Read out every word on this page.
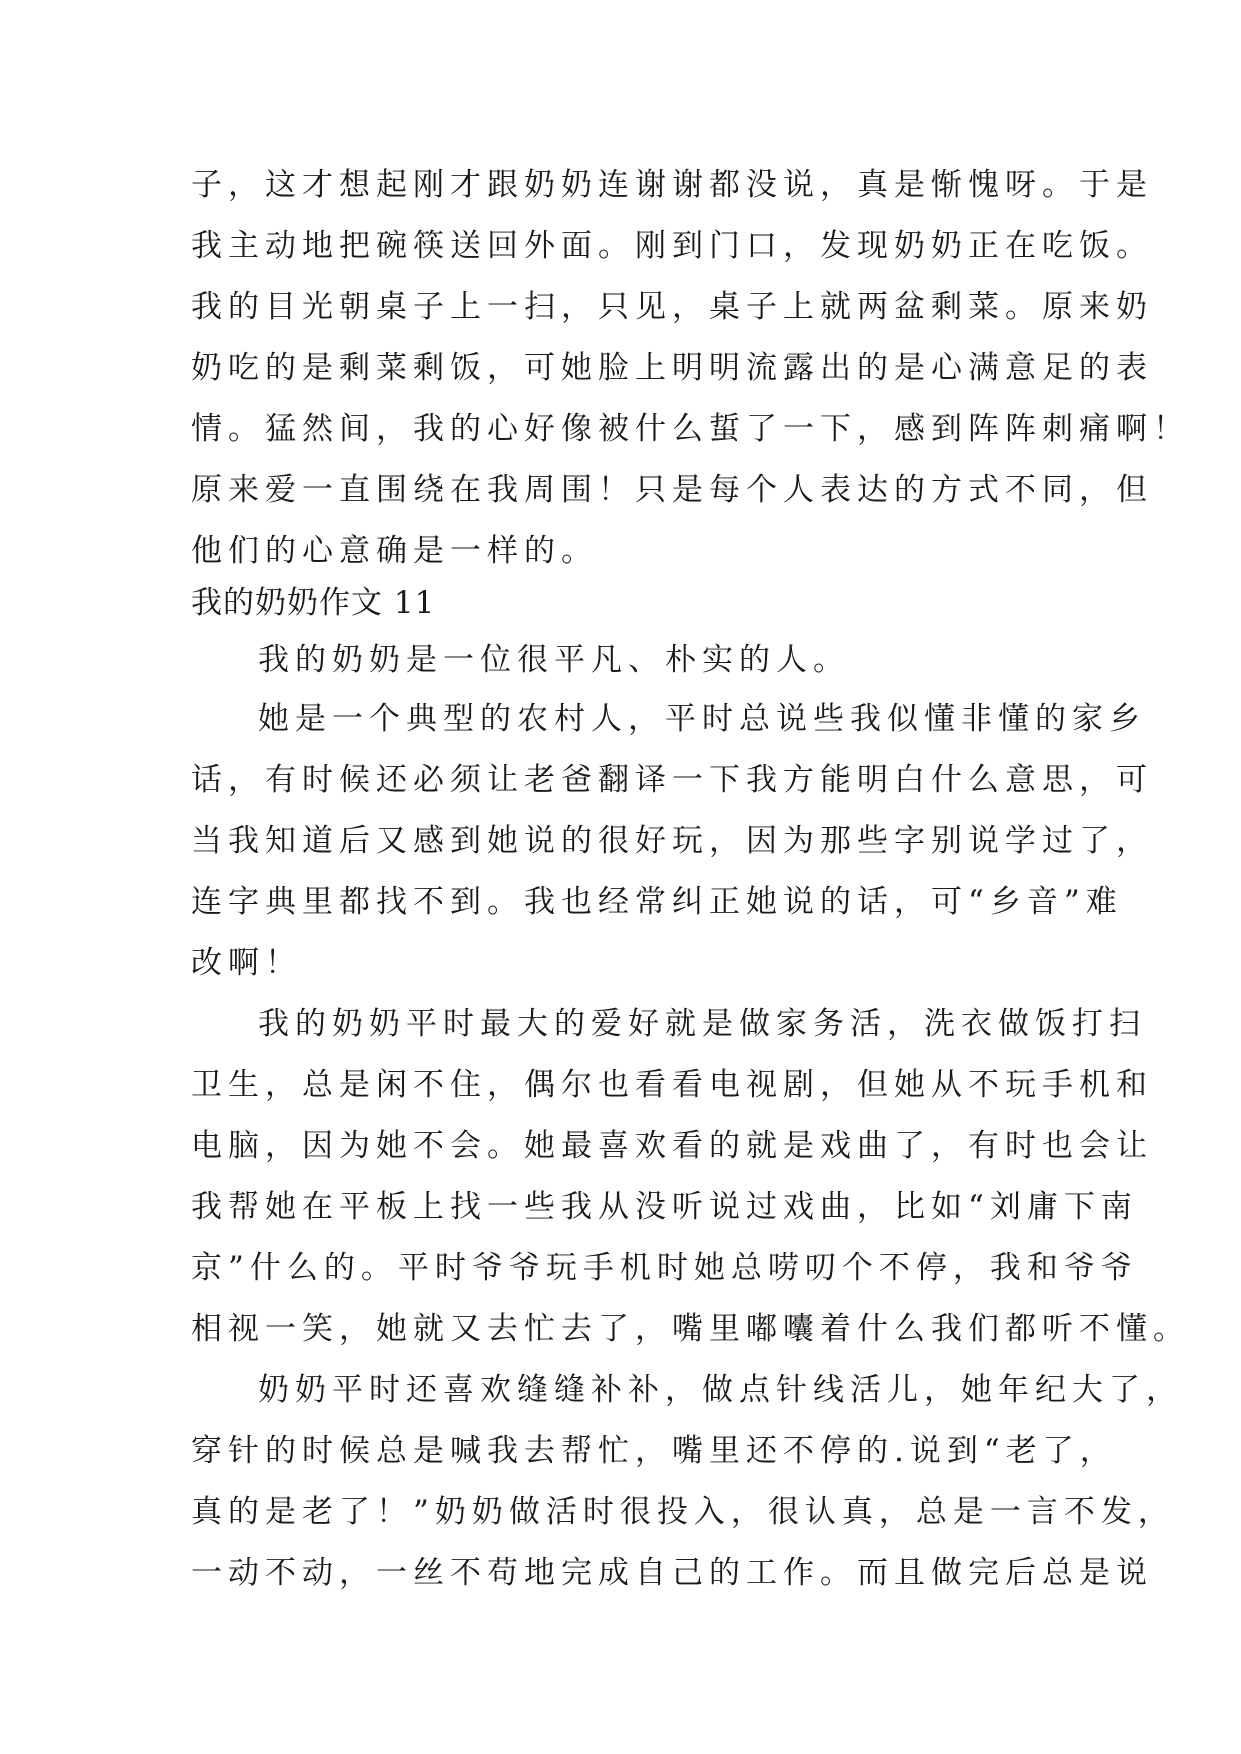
子，这才想起刚才跟奶奶连谢谢都没说，真是惭愧呀。于是
我主动地把碗筷送回外面。刚到门口，发现奶奶正在吃饭。
我的目光朝桌子上一扫，只见，桌子上就两盆剩菜。原来奶
奶吃的是剩菜剩饭，可她脸上明明流露出的是心满意足的表
情。猛然间，我的心好像被什么蜇了一下，感到阵阵刺痛啊！
原来爱一直围绕在我周围！只是每个人表达的方式不同，但
他们的心意确是一样的。
我的奶奶作文 11
我的奶奶是一位很平凡、朴实的人。
她是一个典型的农村人，平时总说些我似懂非懂的家乡
话，有时候还必须让老爸翻译一下我方能明白什么意思，可
当我知道后又感到她说的很好玩，因为那些字别说学过了，
连字典里都找不到。我也经常纠正她说的话，可“乡音”难
改啊！
我的奶奶平时最大的爱好就是做家务活，洗衣做饭打扫
卫生，总是闲不住，偶尔也看看电视剧，但她从不玩手机和
电脑，因为她不会。她最喜欢看的就是戏曲了，有时也会让
我帮她在平板上找一些我从没听说过戏曲，比如“刘庸下南
京”什么的。平时爷爷玩手机时她总唠叨个不停，我和爷爷
相视一笑，她就又去忙去了，嘴里嘟囔着什么我们都听不懂。
奶奶平时还喜欢缝缝补补，做点针线活儿，她年纪大了，
穿针的时候总是喊我去帮忙，嘴里还不停的.说到“老了，
真的是老了！”奶奶做活时很投入，很认真，总是一言不发，
一动不动，一丝不苟地完成自己的工作。而且做完后总是说
